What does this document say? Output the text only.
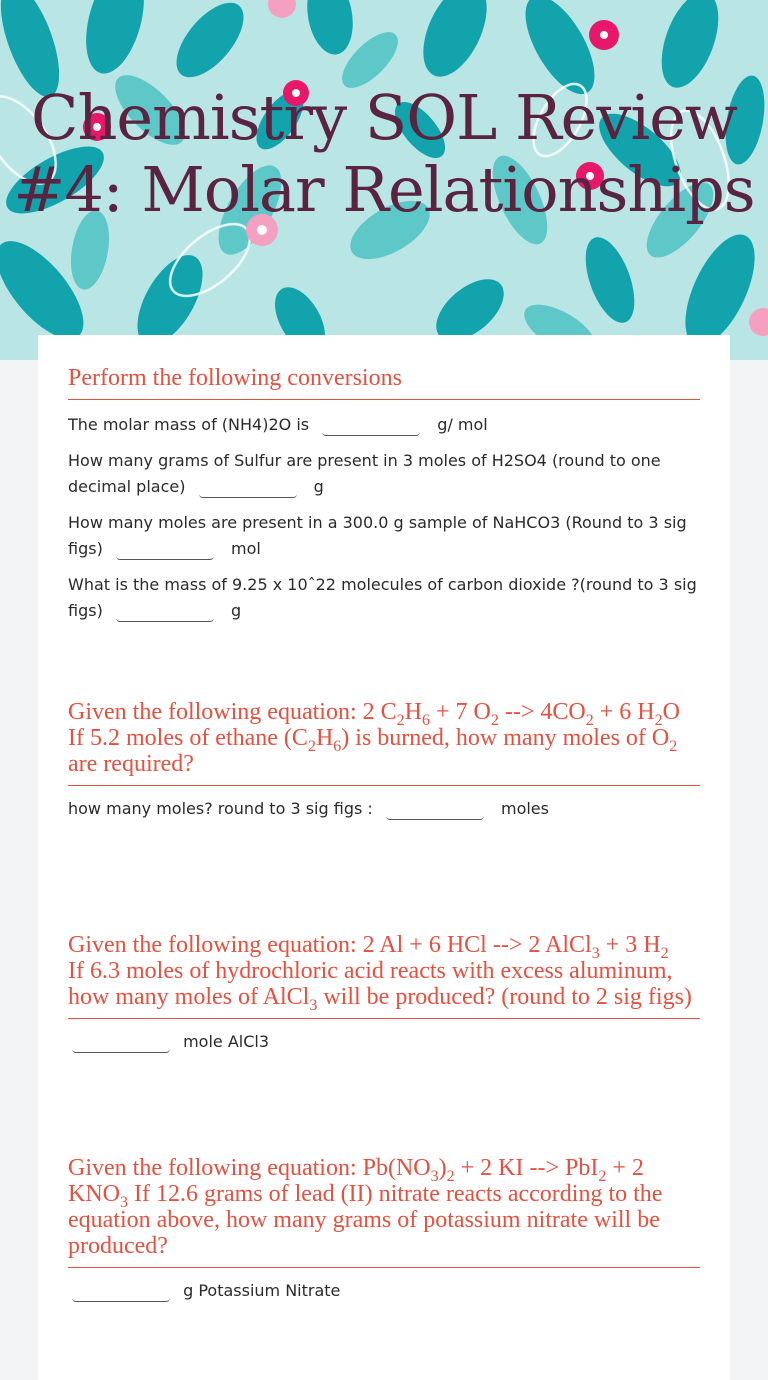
Chemistry SOL Review #4: Molar Relationships
Perform the following conversions
The molar mass of (NH4)2O is	g/ mol
How many grams of Sulfur are present in 3 moles of H2SO4 (round to one decimal place)	g
How many moles are present in a 300.0 g sample of NaHCO3 (Round to 3 sig figs)	mol
What is the mass of 9.25 x 10ˆ22 molecules of carbon dioxide ?(round to 3 sig figs)	g
Given the following equation: 2 $C_2H_6 + 7$ $O_2$ --> $4CO_2 + 6$ $H_2O$
If 5.2 moles of ethane $(C_2H_6)$ is burned, how many moles of $O_2$ are required?
how many moles? round to 3 sig figs :	moles
Given the following equation: 2 Al + 6 HCl --> 2 AlCl$_3$ + 3 $H_2$
If 6.3 moles of hydrochloric acid reacts with excess aluminum, how many moles of AlCl$_3$ will be produced? (round to 2 sig figs)
mole AlCl3
Given the following equation: $Pb(NO_3)_2 + 2$ KI --> PbI$_2$ + 2 $KNO_3$ If 12.6 grams of lead (II) nitrate reacts according to the equation above, how many grams of potassium nitrate will be produced?
g Potassium Nitrate
